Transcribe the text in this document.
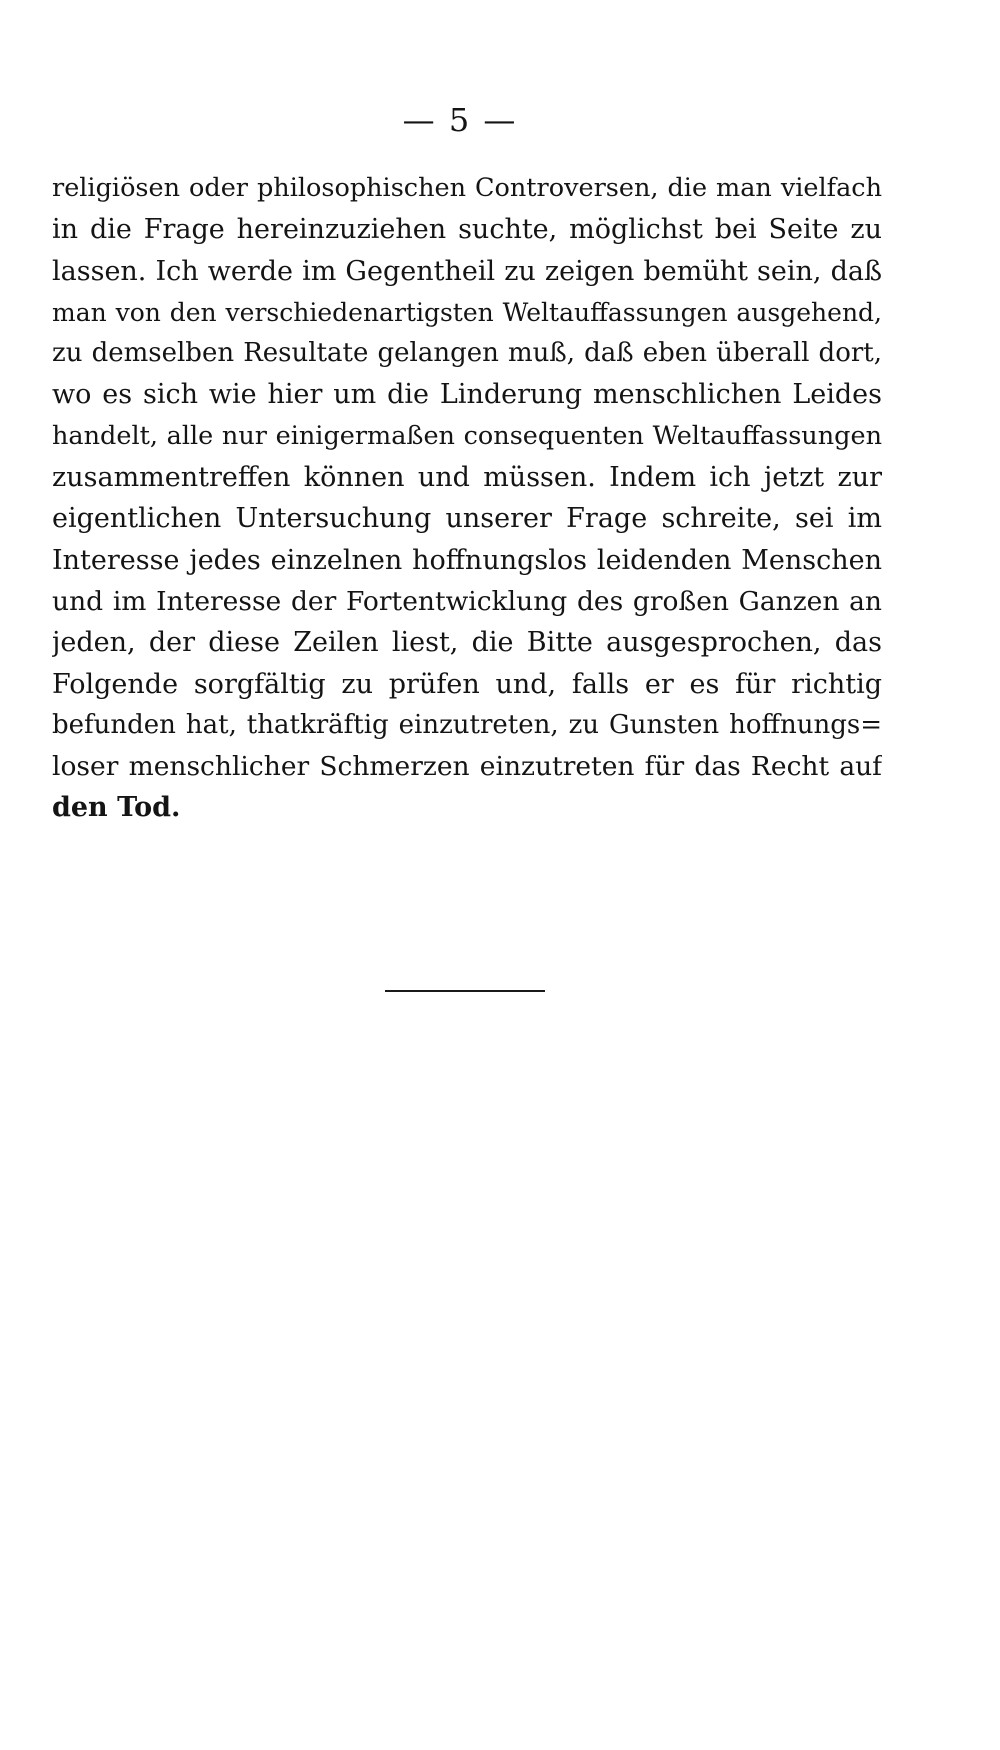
— 5 —
religiösen oder philosophischen Controversen, die man vielfach
in die Frage hereinzuziehen suchte, möglichst bei Seite zu
lassen. Ich werde im Gegentheil zu zeigen bemüht sein, daß
man von den verschiedenartigsten Weltauffassungen ausgehend,
zu demselben Resultate gelangen muß, daß eben überall dort,
wo es sich wie hier um die Linderung menschlichen Leides
handelt, alle nur einigermaßen consequenten Weltauffassungen
zusammentreffen können und müssen. Indem ich jetzt zur
eigentlichen Untersuchung unserer Frage schreite, sei im
Interesse jedes einzelnen hoffnungslos leidenden Menschen
und im Interesse der Fortentwicklung des großen Ganzen an
jeden, der diese Zeilen liest, die Bitte ausgesprochen, das
Folgende sorgfältig zu prüfen und, falls er es für richtig
befunden hat, thatkräftig einzutreten, zu Gunsten hoffnungs=
loser menschlicher Schmerzen einzutreten für das Recht auf
den Tod.
